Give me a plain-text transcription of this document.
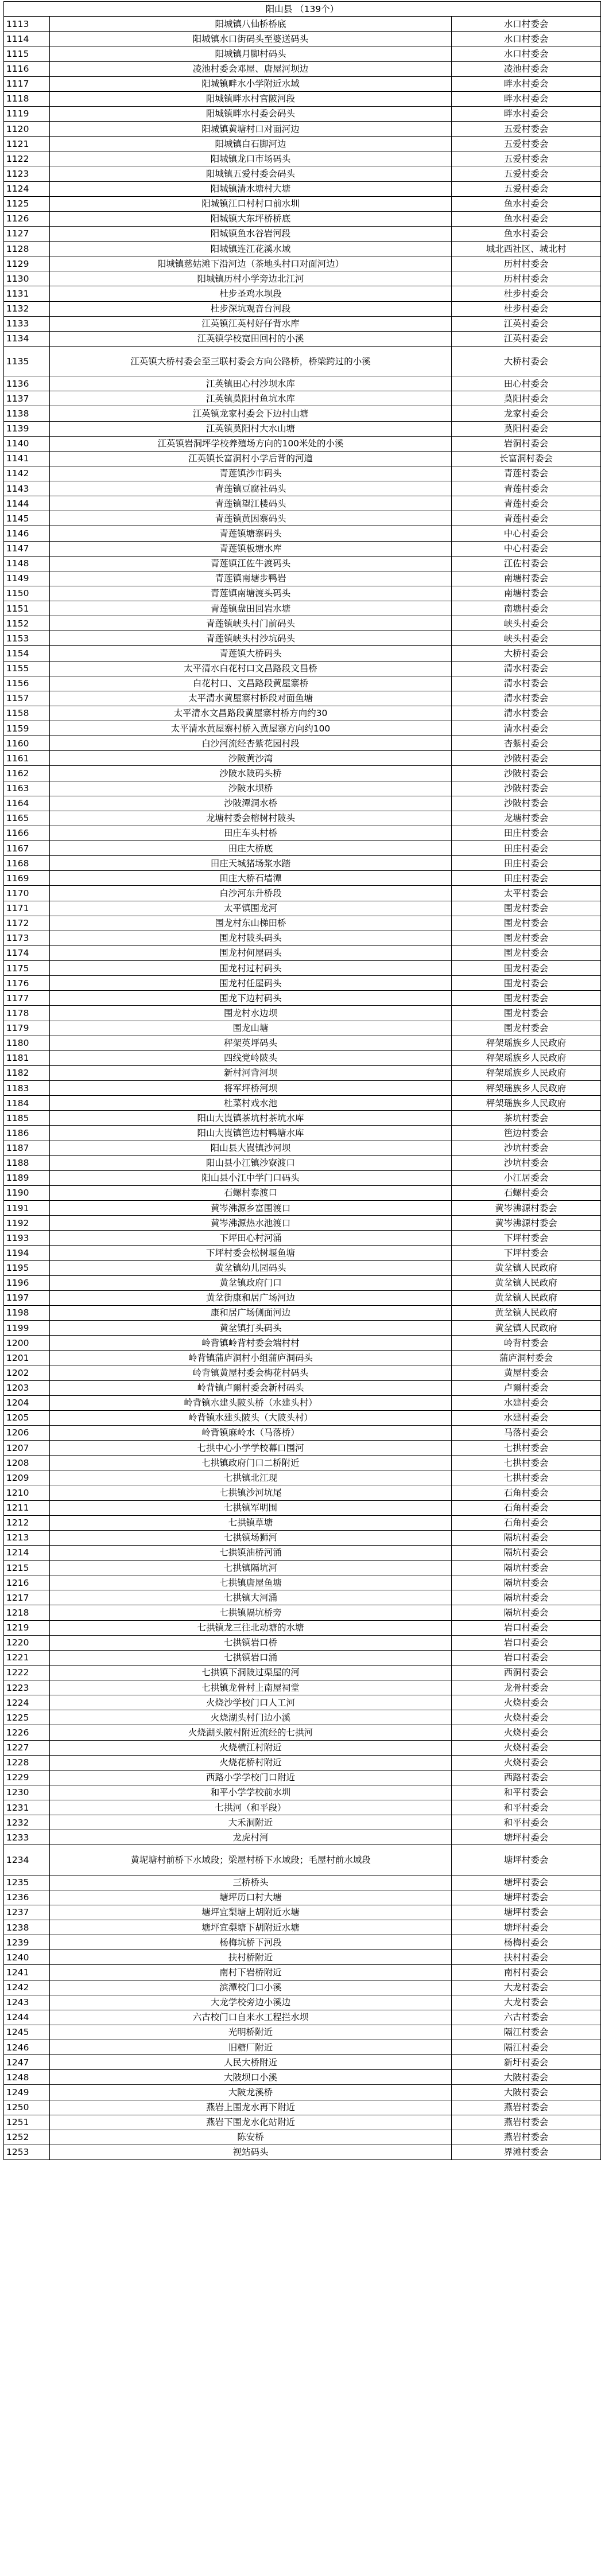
阳山县 （139个）		
1113	阳城镇八仙桥桥底	水口村委会
1114	阳城镇水口街码头至婆送码头	水口村委会
1115	阳城镇月脚村码头	水口村委会
1116	凌池村委会邓屋、唐屋河坝边	凌池村委会
1117	阳城镇畔水小学附近水域	畔水村委会
1118	阳城镇畔水村官陂河段	畔水村委会
1119	阳城镇畔水村委会码头	畔水村委会
1120	阳城镇黄塘村口对面河边	五爱村委会
1121	阳城镇白石脚河边	五爱村委会
1122	阳城镇龙口市场码头	五爱村委会
1123	阳城镇五爱村委会码头	五爱村委会
1124	阳城镇清水塘村大塘	五爱村委会
1125	阳城镇江口村村口前水圳	鱼水村委会
1126	阳城镇大东坪桥桥底	鱼水村委会
1127	阳城镇鱼水谷岩河段	鱼水村委会
1128	阳城镇连江花溪水域	城北西社区、城北村
1129	阳城镇慈姑滩下沿河边（茶地头村口对面河边）	历村村委会
1130	阳城镇历村小学旁边北江河	历村村委会
1131	杜步圣鸡水坝段	杜步村委会
1132	杜步深坑观音台河段	杜步村委会
1133	江英镇江英村好仔背水库	江英村委会
1134	江英镇学校宽田回村的小溪	江英村委会
1135	江英镇大桥村委会至三联村委会方向公路桥，桥梁跨过的小溪	大桥村委会
1136	江英镇田心村沙坝水库	田心村委会
1137	江英镇莫阳村鱼坑水库	莫阳村委会
1138	江英镇龙家村委会下边村山塘	龙家村委会
1139	江英镇莫阳村大水山塘	莫阳村委会
1140	江英镇岩洞坪学校养殖场方向的100米处的小溪	岩洞村委会
1141	江英镇长富洞村小学后背的河道	长富洞村委会
1142	青莲镇沙市码头	青莲村委会
1143	青莲镇豆腐社码头	青莲村委会
1144	青莲镇望江楼码头	青莲村委会
1145	青莲镇黄因寨码头	青莲村委会
1146	青莲镇塘寨码头	中心村委会
1147	青莲镇板塘水库	中心村委会
1148	青莲镇江佐牛渡码头	江佐村委会
1149	青莲镇南塘步鸭岩	南塘村委会
1150	青莲镇南塘渡头码头	南塘村委会
1151	青莲镇盘田回岩水塘	南塘村委会
1152	青莲镇峡头村门前码头	峡头村委会
1153	青莲镇峡头村沙坑码头	峡头村委会
1154	青莲镇大桥码头	大桥村委会
1155	太平清水白花村口文昌路段文昌桥	清水村委会
1156	白花村口、文昌路段黄屋寨桥	清水村委会
1157	太平清水黄屋寨村桥段对面鱼塘	清水村委会
1158	太平清水文昌路段黄屋寨村桥方向约30	清水村委会
1159	太平清水黄屋寨村桥入黄屋寨方向约100	清水村委会
1160	白沙河流经杏紫花园村段	杏紫村委会
1161	沙陂黄沙湾	沙陂村委会
1162	沙陂水陂码头桥	沙陂村委会
1163	沙陂水坝桥	沙陂村委会
1164	沙陂潭洞水桥	沙陂村委会
1165	龙塘村委会榕树村陂头	龙塘村委会
1166	田庄车头村桥	田庄村委会
1167	田庄大桥底	田庄村委会
1168	田庄天城猪场浆水踏	田庄村委会
1169	田庄大桥石墙潭	田庄村委会
1170	白沙河东升桥段	太平村委会
1171	太平镇围龙河	围龙村委会
1172	围龙村东山梯田桥	围龙村委会
1173	围龙村陂头码头	围龙村委会
1174	围龙村何屋码头	围龙村委会
1175	围龙村过村码头	围龙村委会
1176	围龙村任屋码头	围龙村委会
1177	围龙下边村码头	围龙村委会
1178	围龙村水边坝	围龙村委会
1179	围龙山塘	围龙村委会
1180	秤架英坪码头	秤架瑶族乡人民政府
1181	四线党岭陂头	秤架瑶族乡人民政府
1182	新村河背河坝	秤架瑶族乡人民政府
1183	将军坪桥河坝	秤架瑶族乡人民政府
1184	杜菜村戏水池	秤架瑶族乡人民政府
1185	阳山大崀镇茶坑村茶坑水库	茶坑村委会
1186	阳山大崀镇笆边村鸭塘水库	笆边村委会
1187	阳山县大崀镇沙河坝	沙坑村委会
1188	阳山县小江镇沙寮渡口	沙坑村委会
1189	阳山县小江中学门口码头	小江居委会
1190	石螺村泰渡口	石螺村委会
1191	黄岑沸源乡富围渡口	黄岑沸源村委会
1192	黄岑沸源热水池渡口	黄岑沸源村委会
1193	下坪田心村河涌	下坪村委会
1194	下坪村委会松树堰鱼塘	下坪村委会
1195	黄坌镇幼儿园码头	黄坌镇人民政府
1196	黄坌镇政府门口	黄坌镇人民政府
1197	黄坌街康和居广场河边	黄坌镇人民政府
1198	康和居广场侧面河边	黄坌镇人民政府
1199	黄坌镇打头码头	黄坌镇人民政府
1200	岭背镇岭背村委会端村村	岭背村委会
1201	岭背镇蒲庐洞村小组蒲庐洞码头	蒲庐洞村委会
1202	岭背镇黄屋村委会梅花村码头	黄屋村委会
1203	岭背镇卢爾村委会新村码头	卢爾村委会
1204	岭背镇水建头陂头桥（水建头村）	水建村委会
1205	岭背镇水建头陂头（大陂头村）	水建村委会
1206	岭背镇麻岭水（马落桥）	马落村委会
1207	七拱中心小学学校幕口围河	七拱村委会
1208	七拱镇政府门口二桥附近	七拱村委会
1209	七拱镇北江现	七拱村委会
1210	七拱镇沙河坑尾	石角村委会
1211	七拱镇军明围	石角村委会
1212	七拱镇草塘	石角村委会
1213	七拱镇场狮河	隔坑村委会
1214	七拱镇油桥河涌	隔坑村委会
1215	七拱镇隔坑河	隔坑村委会
1216	七拱镇唐屋鱼塘	隔坑村委会
1217	七拱镇大河涌	隔坑村委会
1218	七拱镇隔坑桥旁	隔坑村委会
1219	七拱镇龙三往北动塘的水塘	岩口村委会
1220	七拱镇岩口桥	岩口村委会
1221	七拱镇岩口涌	岩口村委会
1222	七拱镇下洞陂过渠屋的河	西洞村委会
1223	七拱镇龙骨村上南屋祠堂	龙骨村委会
1224	火烧沙学校门口人工河	火烧村委会
1225	火烧湖头村门边小溪	火烧村委会
1226	火烧湖头陂村附近流经的七拱河	火烧村委会
1227	火烧横江村附近	火烧村委会
1228	火烧花桥村附近	火烧村委会
1229	西路小学学校门口附近	西路村委会
1230	和平小学学校前水圳	和平村委会
1231	七拱河（和平段）	和平村委会
1232	大禾洞附近	和平村委会
1233	龙虎村河	塘坪村委会
1234	黄坭塘村前桥下水域段；梁屋村桥下水域段；毛屋村前水域段	塘坪村委会
1235	三桥桥头	塘坪村委会
1236	塘坪历口村大塘	塘坪村委会
1237	塘坪宜梨塘上胡附近水塘	塘坪村委会
1238	塘坪宜梨塘下胡附近水塘	塘坪村委会
1239	杨梅坑桥下河段	杨梅村委会
1240	扶村桥附近	扶村村委会
1241	南村下岩桥附近	南村村委会
1242	滨潭校门口小溪	大龙村委会
1243	大龙学校旁边小溪边	大龙村委会
1244	六古校门口自来水工程拦水坝	六古村委会
1245	光明桥附近	隔江村委会
1246	旧糖厂附近	隔江村委会
1247	人民大桥附近	新圩村委会
1248	大陂坝口小溪	大陂村委会
1249	大陂龙溪桥	大陂村委会
1250	燕岩上围龙水再下附近	燕岩村委会
1251	燕岩下围龙水化站附近	燕岩村委会
1252	陈安桥	燕岩村委会
1253	视站码头	界滩村委会
